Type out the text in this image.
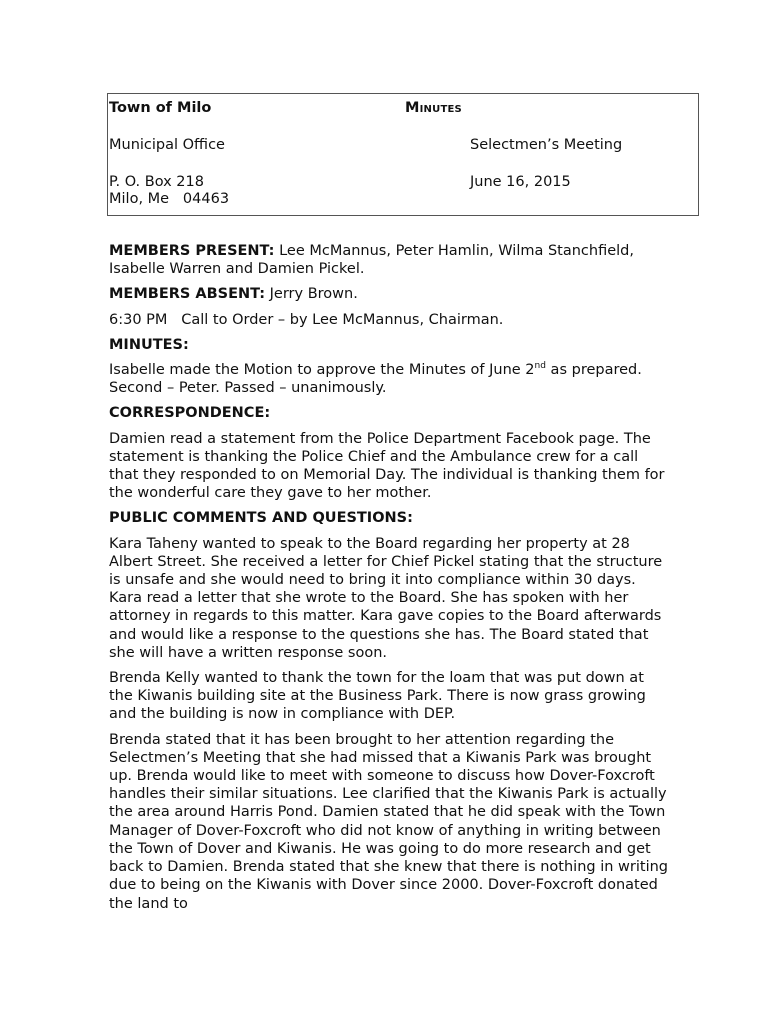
Town of Milo	Minutes
Municipal Office	Selectmen’s Meeting
P. O. Box 218
Milo, Me   04463
June 16, 2015

MEMBERS PRESENT: Lee McMannus, Peter Hamlin, Wilma Stanchfield, Isabelle Warren and Damien Pickel.

MEMBERS ABSENT: Jerry Brown.

6:30 PM   Call to Order – by Lee McMannus, Chairman.

MINUTES:

Isabelle made the Motion to approve the Minutes of June 2nd as prepared. Second – Peter. Passed – unanimously.

CORRESPONDENCE:

Damien read a statement from the Police Department Facebook page. The statement is thanking the Police Chief and the Ambulance crew for a call that they responded to on Memorial Day. The individual is thanking them for the wonderful care they gave to her mother.

PUBLIC COMMENTS AND QUESTIONS:

Kara Taheny wanted to speak to the Board regarding her property at 28 Albert Street. She received a letter for Chief Pickel stating that the structure is unsafe and she would need to bring it into compliance within 30 days. Kara read a letter that she wrote to the Board. She has spoken with her attorney in regards to this matter. Kara gave copies to the Board afterwards and would like a response to the questions she has. The Board stated that she will have a written response soon.

Brenda Kelly wanted to thank the town for the loam that was put down at the Kiwanis building site at the Business Park. There is now grass growing and the building is now in compliance with DEP.

Brenda stated that it has been brought to her attention regarding the Selectmen’s Meeting that she had missed that a Kiwanis Park was brought up. Brenda would like to meet with someone to discuss how Dover-Foxcroft handles their similar situations. Lee clarified that the Kiwanis Park is actually the area around Harris Pond. Damien stated that he did speak with the Town Manager of Dover-Foxcroft who did not know of anything in writing between the Town of Dover and Kiwanis. He was going to do more research and get back to Damien. Brenda stated that she knew that there is nothing in writing due to being on the Kiwanis with Dover since 2000. Dover-Foxcroft donated the land to
